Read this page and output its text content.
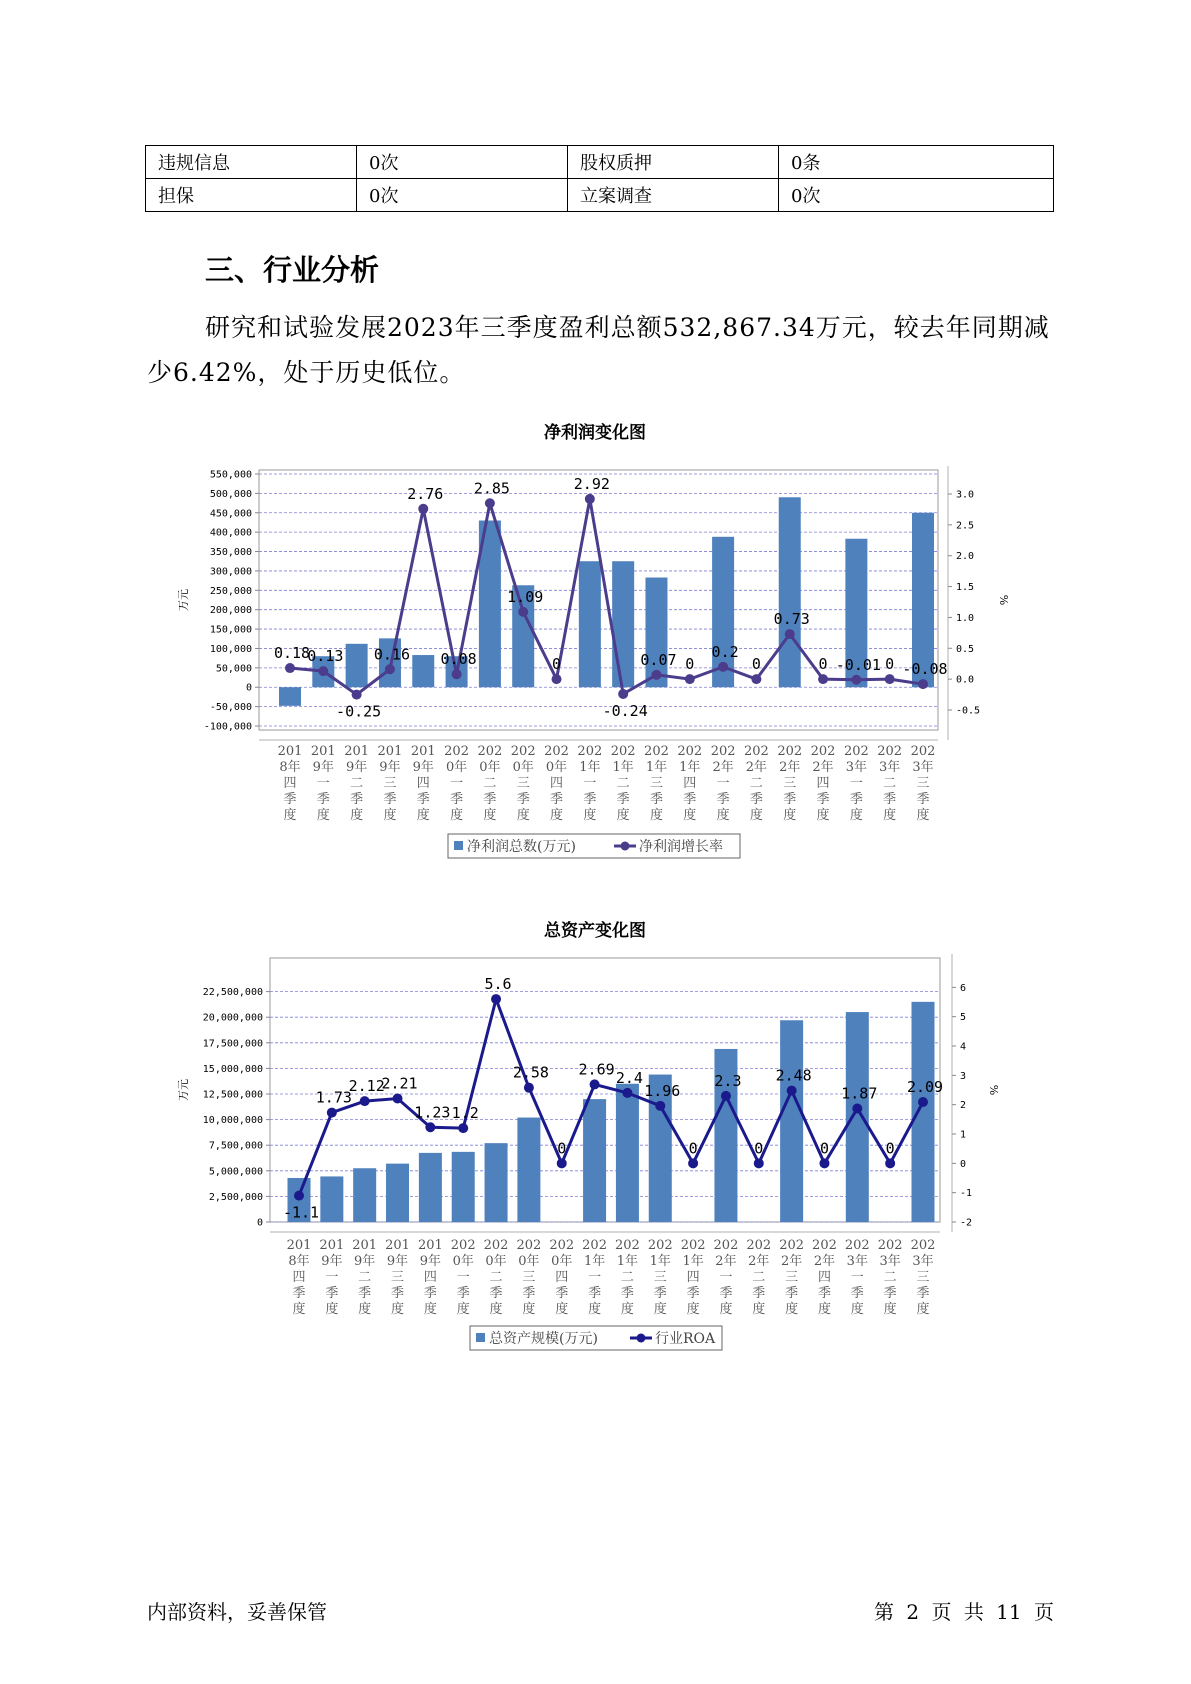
违规信息	0次	股权质押	0条
担保	0次	立案调查	0次
三、行业分析

研究和试验发展2023年三季度盈利总额532,867.34万元，较去年同期减少6.42%，处于历史低位。

净利润变化图
-100,000
-50,000
0
50,000
100,000
150,000
200,000
250,000
300,000
350,000
400,000
450,000
500,000
550,000
-0.5
0.0
0.5
1.0
1.5
2.0
2.5
3.0
万元	%
0.18
0.13
-0.25
0.16
2.76
0.08
2.85
1.09
0
2.92
-0.24
0.07 0
0.2
0
0.73
0 -0.01 0 -0.08
201
8年
四
季
度
201
9年
一
季
度
201
9年
二
季
度
201
9年
三
季
度
201
9年
四
季
度
202
0年
一
季
度
202
0年
二
季
度
202
0年
三
季
度
202
0年
四
季
度
202
1年
一
季
度
202
1年
二
季
度
202
1年
三
季
度
202
1年
四
季
度
202
2年
一
季
度
202
2年
二
季
度
202
2年
三
季
度
202
2年
四
季
度
202
3年
一
季
度
202
3年
二
季
度
202
3年
三
季
度
净利润总数(万元)	净利润增长率
总资产变化图
0
2,500,000
5,000,000
7,500,000
10,000,000
12,500,000
15,000,000
17,500,000
20,000,000
22,500,000
-2
-1
0
1
2
3
4
5
6
万元	%
-1.1
1.73
2.12
2.21
1.23 1.2
5.6
2.58
0
2.69 2.4
1.96
0
2.3
0
2.48
0
1.87
0
2.09
201
8年
四
季
度
201
9年
一
季
度
201
9年
二
季
度
201
9年
三
季
度
201
9年
四
季
度
202
0年
一
季
度
202
0年
二
季
度
202
0年
三
季
度
202
0年
四
季
度
202
1年
一
季
度
202
1年
二
季
度
202
1年
三
季
度
202
1年
四
季
度
202
2年
一
季
度
202
2年
二
季
度
202
2年
三
季
度
202
2年
四
季
度
202
3年
一
季
度
202
3年
二
季
度
202
3年
三
季
度
总资产规模(万元)	行业ROA

内部资料，妥善保管	第 2 页 共 11 页
